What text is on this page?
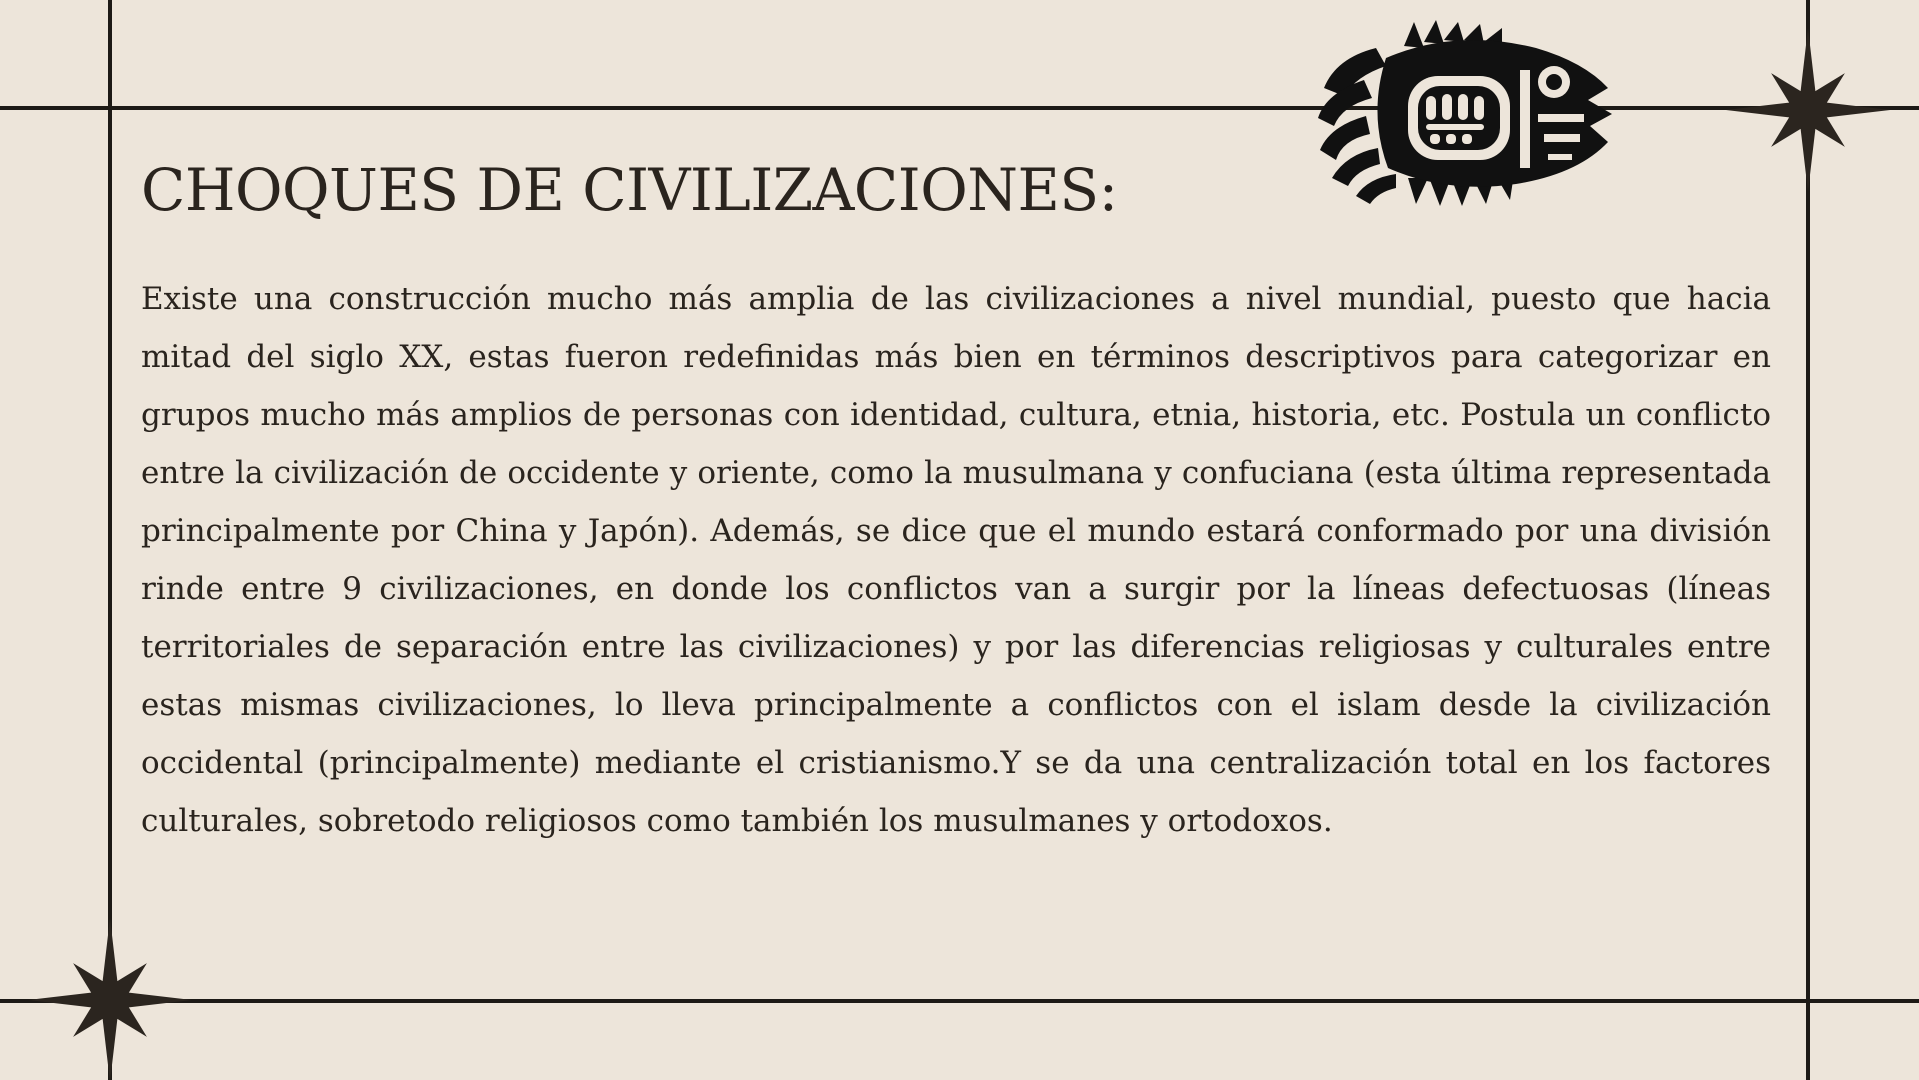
CHOQUES DE CIVILIZACIONES:

Existe una construcción mucho más amplia de las civilizaciones a nivel mundial, puesto que hacia mitad del siglo XX, estas fueron redefinidas más bien en términos descriptivos para categorizar en grupos mucho más amplios de personas con identidad, cultura, etnia, historia, etc. Postula un conflicto entre la civilización de occidente y oriente, como la musulmana y confuciana (esta última representada principalmente por China y Japón). Además, se dice que el mundo estará conformado por una división rinde entre 9 civilizaciones, en donde los conflictos van a surgir por la líneas defectuosas (líneas territoriales de separación entre las civilizaciones) y por las diferencias religiosas y culturales entre estas mismas civilizaciones, lo lleva principalmente a conflictos con el islam desde la civilización occidental (principalmente) mediante el cristianismo.Y se da una centralización total en los factores culturales, sobretodo religiosos como también los musulmanes y ortodoxos.
